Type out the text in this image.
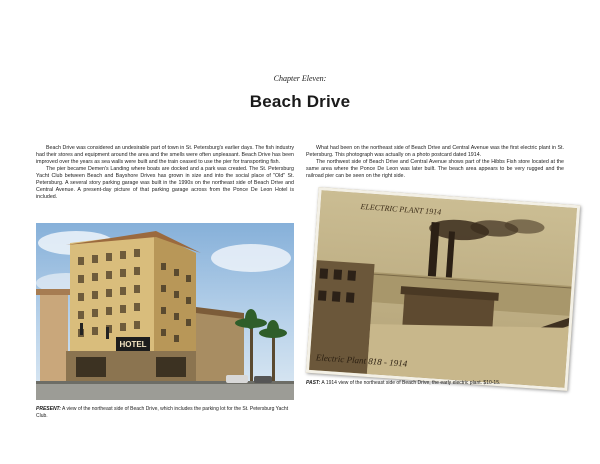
Chapter Eleven:
Beach Drive

Beach Drive was considered an undesirable part of town in St. Petersburg's earlier days. The fish industry had their stores and equipment around the area and the smells were often unpleasant. Beach Drive has been improved over the years as sea walls were built and the train ceased to use the pier for transporting fish.

The pier became Demen's Landing where boats are docked and a park was created. The St. Petersburg Yacht Club between Beach and Bayshore Drives has grown in size and into the social place of "Old" St. Petersburg. A several story parking garage was built in the 1990s on the northeast side of Beach Drive and Central Avenue. A present-day picture of that parking garage across from the Ponce De Leon Hotel is included.

What had been on the northeast side of Beach Drive and Central Avenue was the first electric plant in St. Petersburg. This photograph was actually on a photo postcard dated 1914.

The northwest side of Beach Drive and Central Avenue shows part of the Hibbs Fish store located at the same area where the Ponce De Leon was later built. The beach area appears to be very rugged and the railroad pier can be seen on the right side.

HOTEL
ELECTRIC PLANT 1914
Electric Plant 818 - 1914
PRESENT: A view of the northeast side of Beach Drive, which includes the parking lot for the St. Petersburg Yacht Club.
PAST: A 1914 view of the northeast side of Beach Drive, the early electric plant. $10-15.
